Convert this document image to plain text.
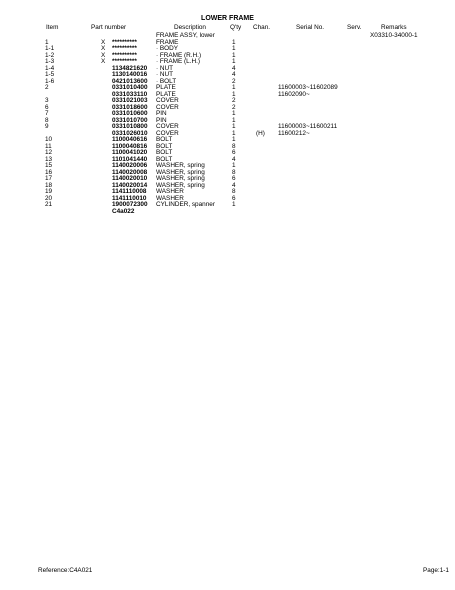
LOWER FRAME
Item	Part number	Description	Q'ty Chan.	Serial No.	Serv.	Remarks
FRAME ASSY, lower	X03310-34000-1
1	X **********	FRAME	1
1-1	X **********	· BODY	1
1-2	X **********	· FRAME (R.H.)	1
1-3	X **********	· FRAME (L.H.)	1
1-4	1134821620 · NUT	4
1-5	1130140016 · NUT	4
1-6	0421013600 · BOLT	2
2	0331010400 PLATE	1	11600003~11602089
0331033110 PLATE	1	11602090~
3	0331021003 COVER	2
6	0331018600 COVER	2
7	0331010600 PIN	1
8	0331010700 PIN	1
9	0331010800 COVER	1	11600003~11600211
0331026010 COVER	1	(H) 11600212~
10	1100040616 BOLT	1
11	1100040816 BOLT	8
12	1100041020 BOLT	6
13	1101041440 BOLT	4
15	1140020006 WASHER, spring	1
16	1140020008 WASHER, spring	8
17	1140020010 WASHER, spring	6
18	1140020014 WASHER, spring	4
19	1141110008 WASHER	8
20	1141110010 WASHER	6
21	1900072300 CYLINDER, spanner	1
C4a022
Reference:C4A021	Page:1-1
